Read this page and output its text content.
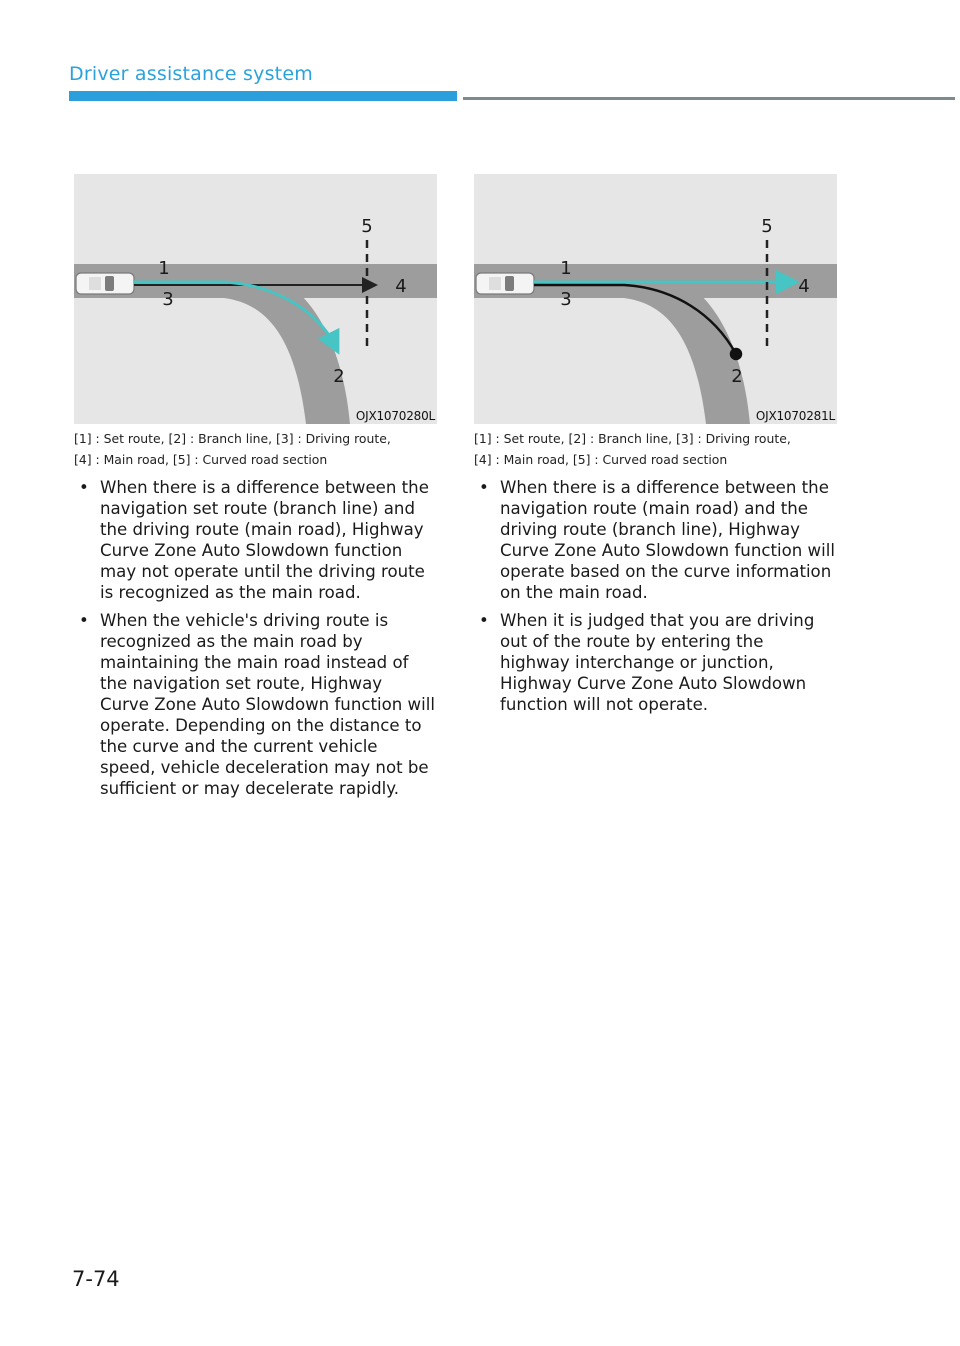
Driver assistance system
5
1
3
4
2
OJX1070280L
5
1
3
4
2
OJX1070281L
[1] : Set route, [2] : Branch line, [3] : Driving route,
[4] : Main road, [5] : Curved road section
[1] : Set route, [2] : Branch line, [3] : Driving route,
[4] : Main road, [5] : Curved road section
• When there is a difference between the navigation set route (branch line) and the driving route (main road), Highway Curve Zone Auto Slowdown function may not operate until the driving route is recognized as the main road.
• When the vehicle's driving route is recognized as the main road by maintaining the main road instead of the navigation set route, Highway Curve Zone Auto Slowdown function will operate. Depending on the distance to the curve and the current vehicle speed, vehicle deceleration may not be sufficient or may decelerate rapidly.
• When there is a difference between the navigation route (main road) and the driving route (branch line), Highway Curve Zone Auto Slowdown function will operate based on the curve information on the main road.
• When it is judged that you are driving out of the route by entering the highway interchange or junction, Highway Curve Zone Auto Slowdown function will not operate.
7-74
